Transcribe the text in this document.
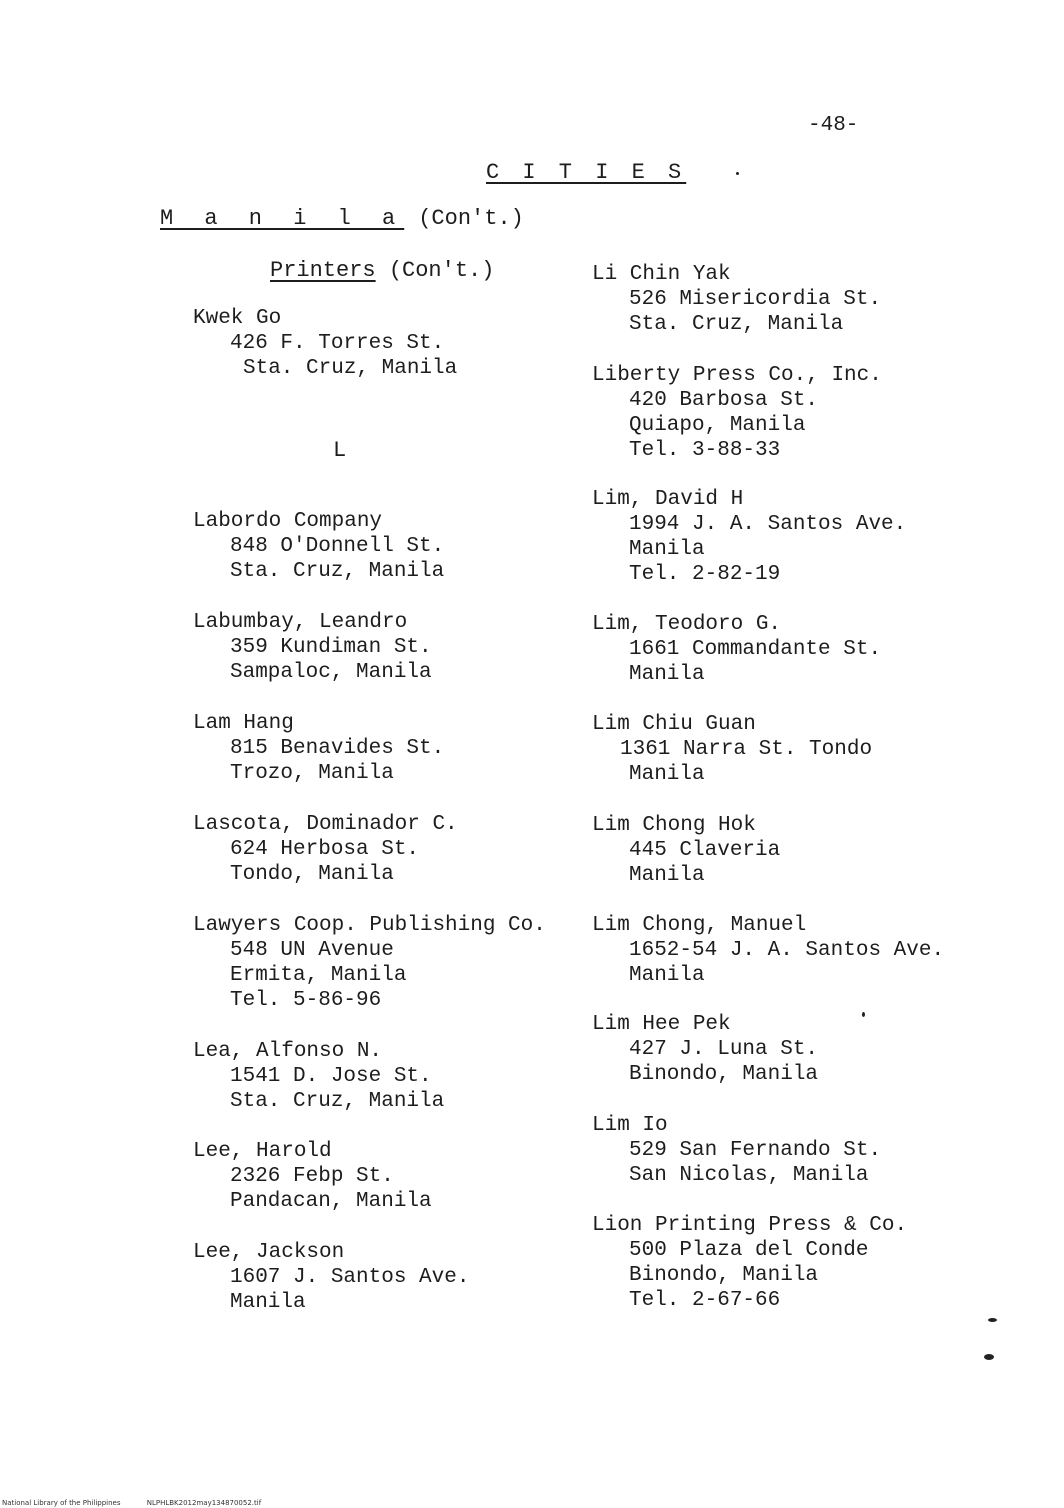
-48-
C I T I E S
M a n i l a (Con't.)
Printers (Con't.)
L
Kwek Go
426 F. Torres St.
Sta. Cruz, Manila
Labordo Company
848 O'Donnell St.
Sta. Cruz, Manila
Labumbay, Leandro
359 Kundiman St.
Sampaloc, Manila
Lam Hang
815 Benavides St.
Trozo, Manila
Lascota, Dominador C.
624 Herbosa St.
Tondo, Manila
Lawyers Coop. Publishing Co.
548 UN Avenue
Ermita, Manila
Tel. 5-86-96
Lea, Alfonso N.
1541 D. Jose St.
Sta. Cruz, Manila
Lee, Harold
2326 Febp St.
Pandacan, Manila
Lee, Jackson
1607 J. Santos Ave.
Manila
Li Chin Yak
526 Misericordia St.
Sta. Cruz, Manila
Liberty Press Co., Inc.
420 Barbosa St.
Quiapo, Manila
Tel. 3-88-33
Lim, David H
1994 J. A. Santos Ave.
Manila
Tel. 2-82-19
Lim, Teodoro G.
1661 Commandante St.
Manila
Lim Chiu Guan
1361 Narra St. Tondo
Manila
Lim Chong Hok
445 Claveria
Manila
Lim Chong, Manuel
1652-54 J. A. Santos Ave.
Manila
Lim Hee Pek
427 J. Luna St.
Binondo, Manila
Lim Io
529 San Fernando St.
San Nicolas, Manila
Lion Printing Press & Co.
500 Plaza del Conde
Binondo, Manila
Tel. 2-67-66
National Library of the Philippines	NLPHLBK2012may134870052.tif
